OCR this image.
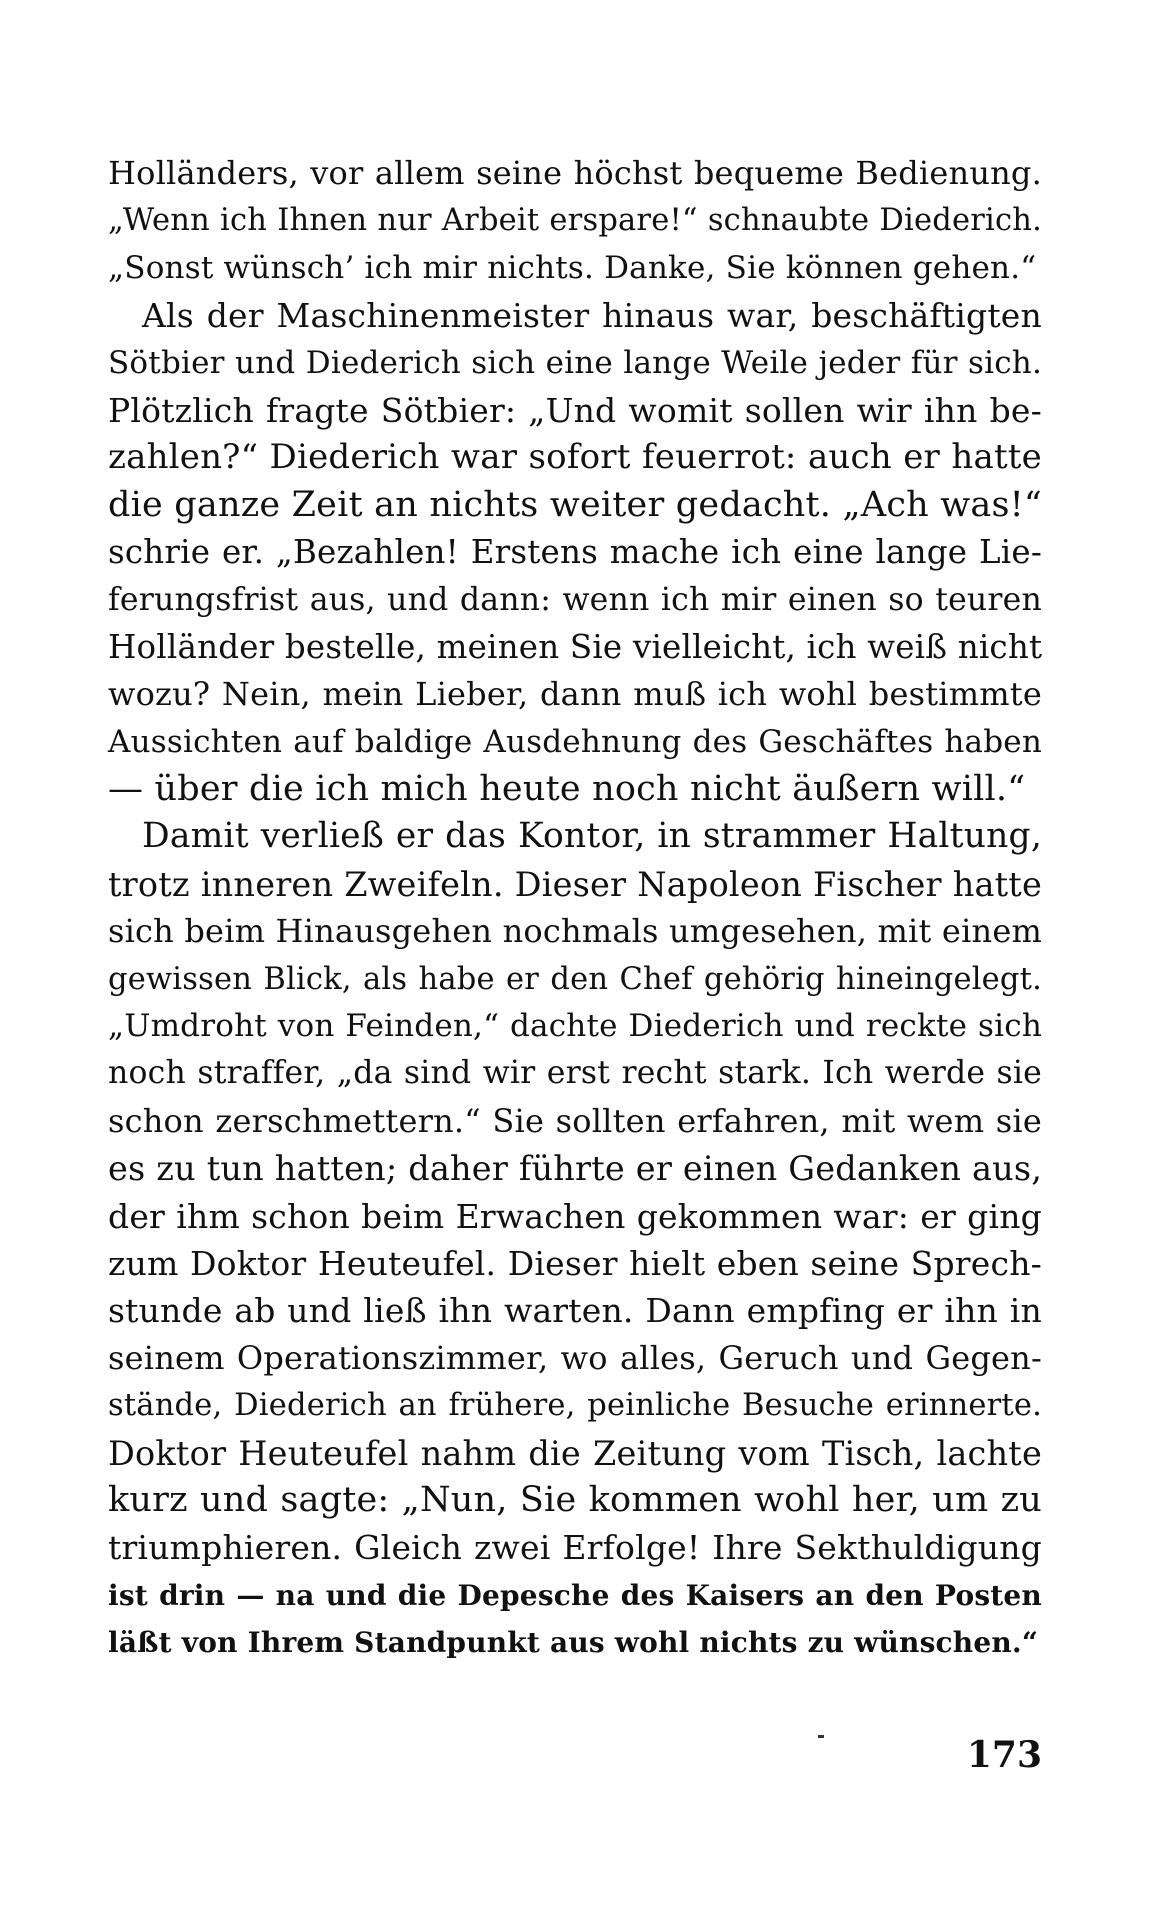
Holländers, vor allem seine höchst bequeme Bedienung.
„Wenn ich Ihnen nur Arbeit erspare!“ schnaubte Diederich.
„Sonst wünsch’ ich mir nichts. Danke, Sie können gehen.“
Als der Maschinenmeister hinaus war, beschäftigten
Sötbier und Diederich sich eine lange Weile jeder für sich.
Plötzlich fragte Sötbier: „Und womit sollen wir ihn be-
zahlen?“ Diederich war sofort feuerrot: auch er hatte
die ganze Zeit an nichts weiter gedacht. „Ach was!“
schrie er. „Bezahlen! Erstens mache ich eine lange Lie-
ferungsfrist aus, und dann: wenn ich mir einen so teuren
Holländer bestelle, meinen Sie vielleicht, ich weiß nicht
wozu? Nein, mein Lieber, dann muß ich wohl bestimmte
Aussichten auf baldige Ausdehnung des Geschäftes haben
— über die ich mich heute noch nicht äußern will.“
Damit verließ er das Kontor, in strammer Haltung,
trotz inneren Zweifeln. Dieser Napoleon Fischer hatte
sich beim Hinausgehen nochmals umgesehen, mit einem
gewissen Blick, als habe er den Chef gehörig hineingelegt.
„Umdroht von Feinden,“ dachte Diederich und reckte sich
noch straffer, „da sind wir erst recht stark. Ich werde sie
schon zerschmettern.“ Sie sollten erfahren, mit wem sie
es zu tun hatten; daher führte er einen Gedanken aus,
der ihm schon beim Erwachen gekommen war: er ging
zum Doktor Heuteufel. Dieser hielt eben seine Sprech-
stunde ab und ließ ihn warten. Dann empfing er ihn in
seinem Operationszimmer, wo alles, Geruch und Gegen-
stände, Diederich an frühere, peinliche Besuche erinnerte.
Doktor Heuteufel nahm die Zeitung vom Tisch, lachte
kurz und sagte: „Nun, Sie kommen wohl her, um zu
triumphieren. Gleich zwei Erfolge! Ihre Sekthuldigung
ist drin — na und die Depesche des Kaisers an den Posten
läßt von Ihrem Standpunkt aus wohl nichts zu wünschen.“
173
